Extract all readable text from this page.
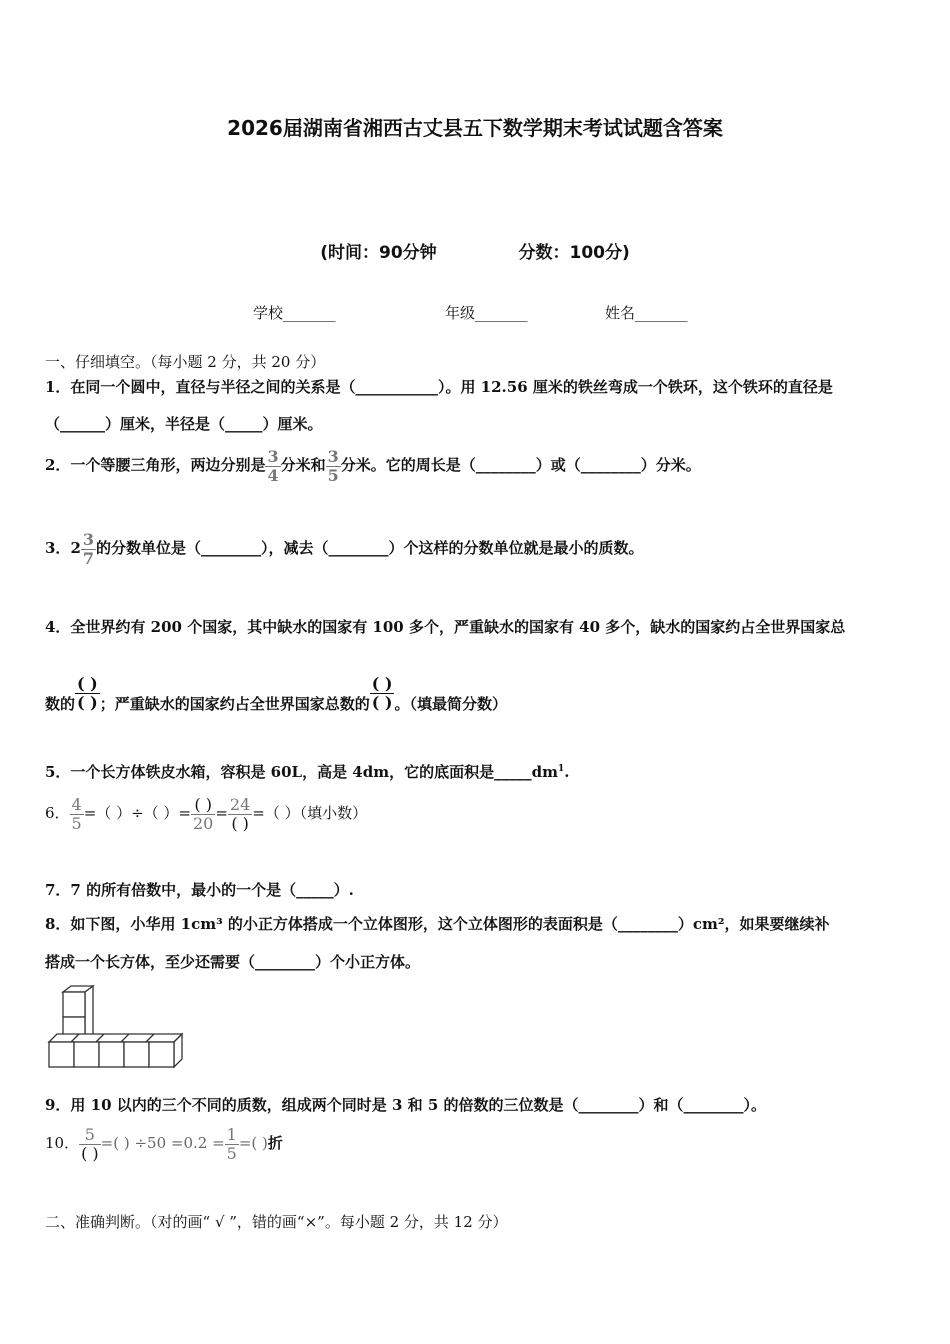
2026届湖南省湘西古丈县五下数学期末考试试题含答案
(时间：90分钟	分数：100分)
学校_______	年级_______	姓名_______
一、仔细填空。（每小题 2 分，共 20 分）
1．在同一个圆中，直径与半径之间的关系是（___________）。用 12.56 厘米的铁丝弯成一个铁环，这个铁环的直径是
（______）厘米，半径是（_____）厘米。
2．一个等腰三角形，两边分别是 $\frac{3}{4}$ 分米和 $\frac{3}{5}$ 分米。它的周长是（________）或（________）分米。
3．$2 \frac{3}{7}$ 的分数单位是（________），减去（________）个这样的分数单位就是最小的质数。
4．全世界约有 200 个国家，其中缺水的国家有 100 多个，严重缺水的国家有 40 多个，缺水的国家约占全世界国家总
数的 $\frac{( )}{( )}$ ；严重缺水的国家约占全世界国家总数的 $\frac{( )}{( )}$ 。（填最简分数）
5．一个长方体铁皮水箱，容积是 60L，高是 4dm，它的底面积是$\_\_\_\_\_dm^1$.
6． $\frac{4}{5}$ =（ ）÷（ ）= $\frac{( )}{20} = \frac{24}{( )}$ =（ ）（填小数）
7．7 的所有倍数中，最小的一个是（_____）.
8．如下图，小华用 1cm³ 的小正方体搭成一个立体图形，这个立体图形的表面积是（________）cm²，如果要继续补
搭成一个长方体，至少还需要（________）个小正方体。
9．用 10 以内的三个不同的质数，组成两个同时是 3 和 5 的倍数的三位数是（________）和（________）。
10． $\frac{5}{( )}$ =( ) $\div 50 =0.2 = \frac{1}{5}$ =( )折
二、准确判断。（对的画“ √ ”，错的画“×”。每小题 2 分，共 12 分）
